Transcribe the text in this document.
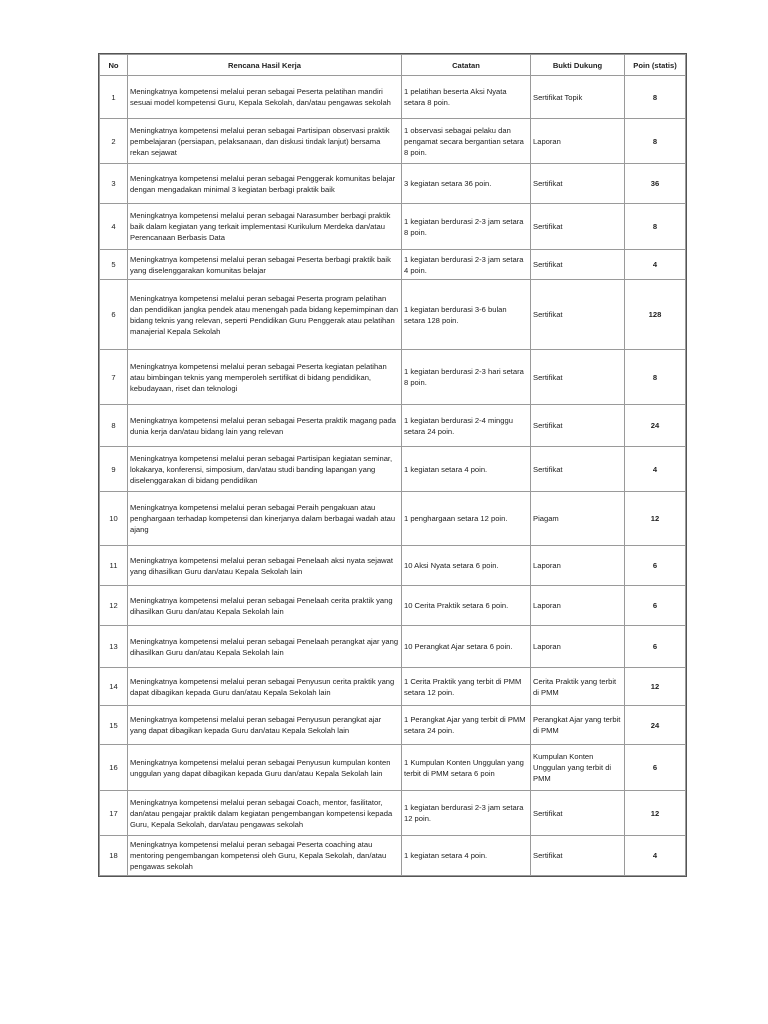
No	Rencana Hasil Kerja	Catatan	Bukti Dukung	Poin (statis)
1	Meningkatnya kompetensi melalui peran sebagai Peserta pelatihan mandiri sesuai model kompetensi Guru, Kepala Sekolah, dan/atau pengawas sekolah	1 pelatihan beserta Aksi Nyata setara 8 poin.	Sertifikat Topik	8
2	Meningkatnya kompetensi melalui peran sebagai Partisipan observasi praktik pembelajaran (persiapan, pelaksanaan, dan diskusi tindak lanjut) bersama rekan sejawat	1 observasi sebagai pelaku dan pengamat secara bergantian setara 8 poin.	Laporan	8
3	Meningkatnya kompetensi melalui peran sebagai Penggerak komunitas belajar dengan mengadakan minimal 3 kegiatan berbagi praktik baik	3 kegiatan setara 36 poin.	Sertifikat	36
4	Meningkatnya kompetensi melalui peran sebagai Narasumber berbagi praktik baik dalam kegiatan yang terkait implementasi Kurikulum Merdeka dan/atau Perencanaan Berbasis Data	1 kegiatan berdurasi 2-3 jam setara 8 poin.	Sertifikat	8
5	Meningkatnya kompetensi melalui peran sebagai Peserta berbagi praktik baik yang diselenggarakan komunitas belajar	1 kegiatan berdurasi 2-3 jam setara 4 poin.	Sertifikat	4
6	Meningkatnya kompetensi melalui peran sebagai Peserta program pelatihan dan pendidikan jangka pendek atau menengah pada bidang kepemimpinan dan bidang teknis yang relevan, seperti Pendidikan Guru Penggerak atau pelatihan manajerial Kepala Sekolah	1 kegiatan berdurasi 3-6 bulan setara 128 poin.	Sertifikat	128
7	Meningkatnya kompetensi melalui peran sebagai Peserta kegiatan pelatihan atau bimbingan teknis yang memperoleh sertifikat di bidang pendidikan, kebudayaan, riset dan teknologi	1 kegiatan berdurasi 2-3 hari setara 8 poin.	Sertifikat	8
8	Meningkatnya kompetensi melalui peran sebagai Peserta praktik magang pada dunia kerja dan/atau bidang lain yang relevan	1 kegiatan berdurasi 2-4 minggu setara 24 poin.	Sertifikat	24
9	Meningkatnya kompetensi melalui peran sebagai Partisipan kegiatan seminar, lokakarya, konferensi, simposium, dan/atau studi banding lapangan yang diselenggarakan di bidang pendidikan	1 kegiatan setara 4 poin.	Sertifikat	4
10	Meningkatnya kompetensi melalui peran sebagai Peraih pengakuan atau penghargaan terhadap kompetensi dan kinerjanya dalam berbagai wadah atau ajang	1 penghargaan setara 12 poin.	Piagam	12
11	Meningkatnya kompetensi melalui peran sebagai Penelaah aksi nyata sejawat yang dihasilkan Guru dan/atau Kepala Sekolah lain	10 Aksi Nyata setara 6 poin.	Laporan	6
12	Meningkatnya kompetensi melalui peran sebagai Penelaah cerita praktik yang dihasilkan Guru dan/atau Kepala Sekolah lain	10 Cerita Praktik setara 6 poin.	Laporan	6
13	Meningkatnya kompetensi melalui peran sebagai Penelaah perangkat ajar yang dihasilkan Guru dan/atau Kepala Sekolah lain	10 Perangkat Ajar setara 6 poin.	Laporan	6
14	Meningkatnya kompetensi melalui peran sebagai Penyusun cerita praktik yang dapat dibagikan kepada Guru dan/atau Kepala Sekolah lain	1 Cerita Praktik yang terbit di PMM setara 12 poin.	Cerita Praktik yang terbit di PMM	12
15	Meningkatnya kompetensi melalui peran sebagai Penyusun perangkat ajar yang dapat dibagikan kepada Guru dan/atau Kepala Sekolah lain	1 Perangkat Ajar yang terbit di PMM setara 24 poin.	Perangkat Ajar yang terbit di PMM	24
16	Meningkatnya kompetensi melalui peran sebagai Penyusun kumpulan konten unggulan yang dapat dibagikan kepada Guru dan/atau Kepala Sekolah lain	1 Kumpulan Konten Unggulan yang terbit di PMM setara 6 poin	Kumpulan Konten Unggulan yang terbit di PMM	6
17	Meningkatnya kompetensi melalui peran sebagai Coach, mentor, fasilitator, dan/atau pengajar praktik dalam kegiatan pengembangan kompetensi kepada Guru, Kepala Sekolah, dan/atau pengawas sekolah	1 kegiatan berdurasi 2-3 jam setara 12 poin.	Sertifikat	12
18	Meningkatnya kompetensi melalui peran sebagai Peserta coaching atau mentoring pengembangan kompetensi oleh Guru, Kepala Sekolah, dan/atau pengawas sekolah	1 kegiatan setara 4 poin.	Sertifikat	4
